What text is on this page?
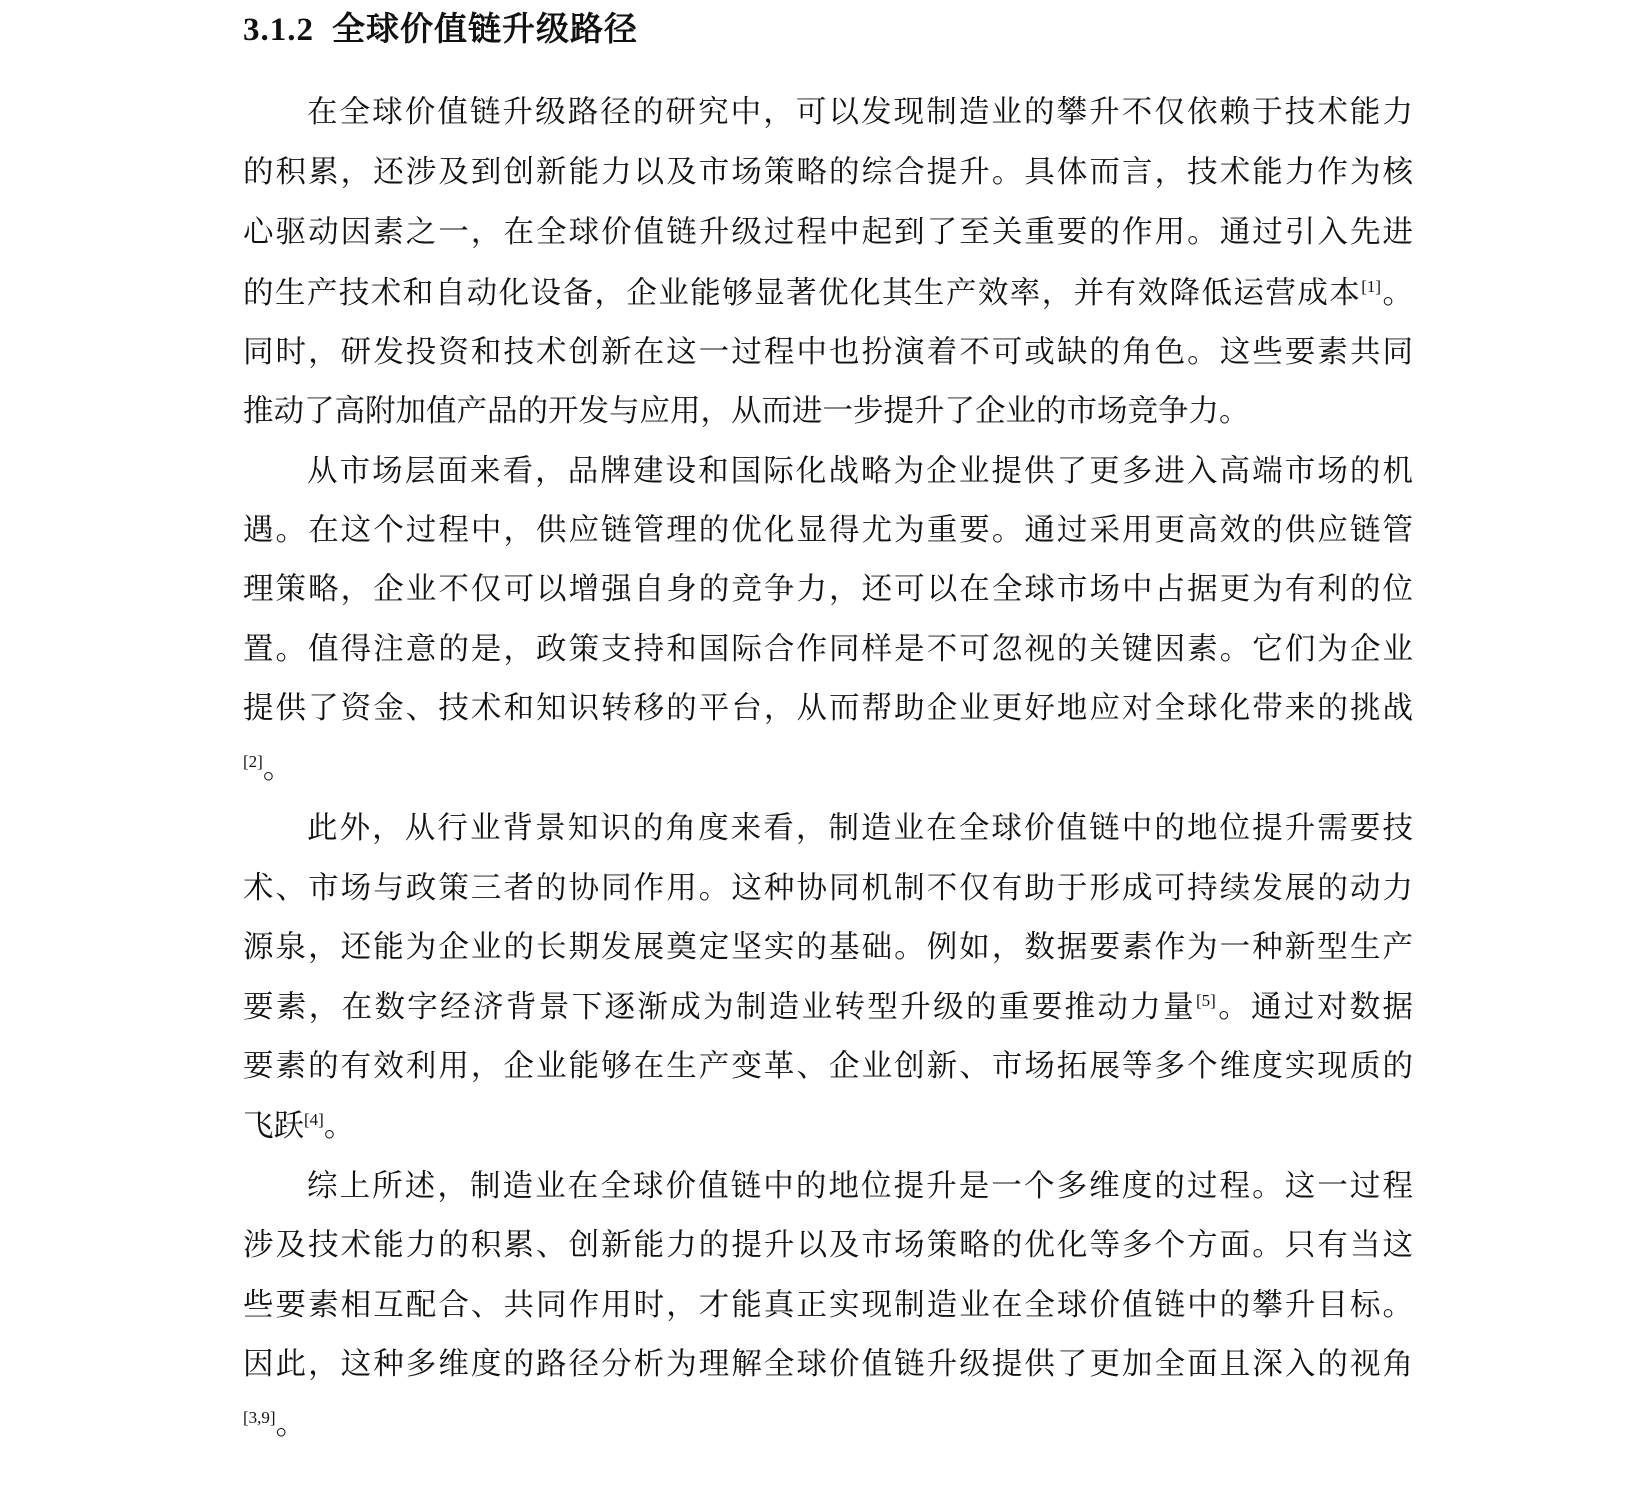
3.1.2 全球价值链升级路径
在全球价值链升级路径的研究中，可以发现制造业的攀升不仅依赖于技术能力
的积累，还涉及到创新能力以及市场策略的综合提升。具体而言，技术能力作为核
心驱动因素之一，在全球价值链升级过程中起到了至关重要的作用。通过引入先进
的生产技术和自动化设备，企业能够显著优化其生产效率，并有效降低运营成本[1]。
同时，研发投资和技术创新在这一过程中也扮演着不可或缺的角色。这些要素共同
推动了高附加值产品的开发与应用，从而进一步提升了企业的市场竞争力。
从市场层面来看，品牌建设和国际化战略为企业提供了更多进入高端市场的机
遇。在这个过程中，供应链管理的优化显得尤为重要。通过采用更高效的供应链管
理策略，企业不仅可以增强自身的竞争力，还可以在全球市场中占据更为有利的位
置。值得注意的是，政策支持和国际合作同样是不可忽视的关键因素。它们为企业
提供了资金、技术和知识转移的平台，从而帮助企业更好地应对全球化带来的挑战
[2]。
此外，从行业背景知识的角度来看，制造业在全球价值链中的地位提升需要技
术、市场与政策三者的协同作用。这种协同机制不仅有助于形成可持续发展的动力
源泉，还能为企业的长期发展奠定坚实的基础。例如，数据要素作为一种新型生产
要素，在数字经济背景下逐渐成为制造业转型升级的重要推动力量[5]。通过对数据
要素的有效利用，企业能够在生产变革、企业创新、市场拓展等多个维度实现质的
飞跃[4]。
综上所述，制造业在全球价值链中的地位提升是一个多维度的过程。这一过程
涉及技术能力的积累、创新能力的提升以及市场策略的优化等多个方面。只有当这
些要素相互配合、共同作用时，才能真正实现制造业在全球价值链中的攀升目标。
因此，这种多维度的路径分析为理解全球价值链升级提供了更加全面且深入的视角
[3,9]。
